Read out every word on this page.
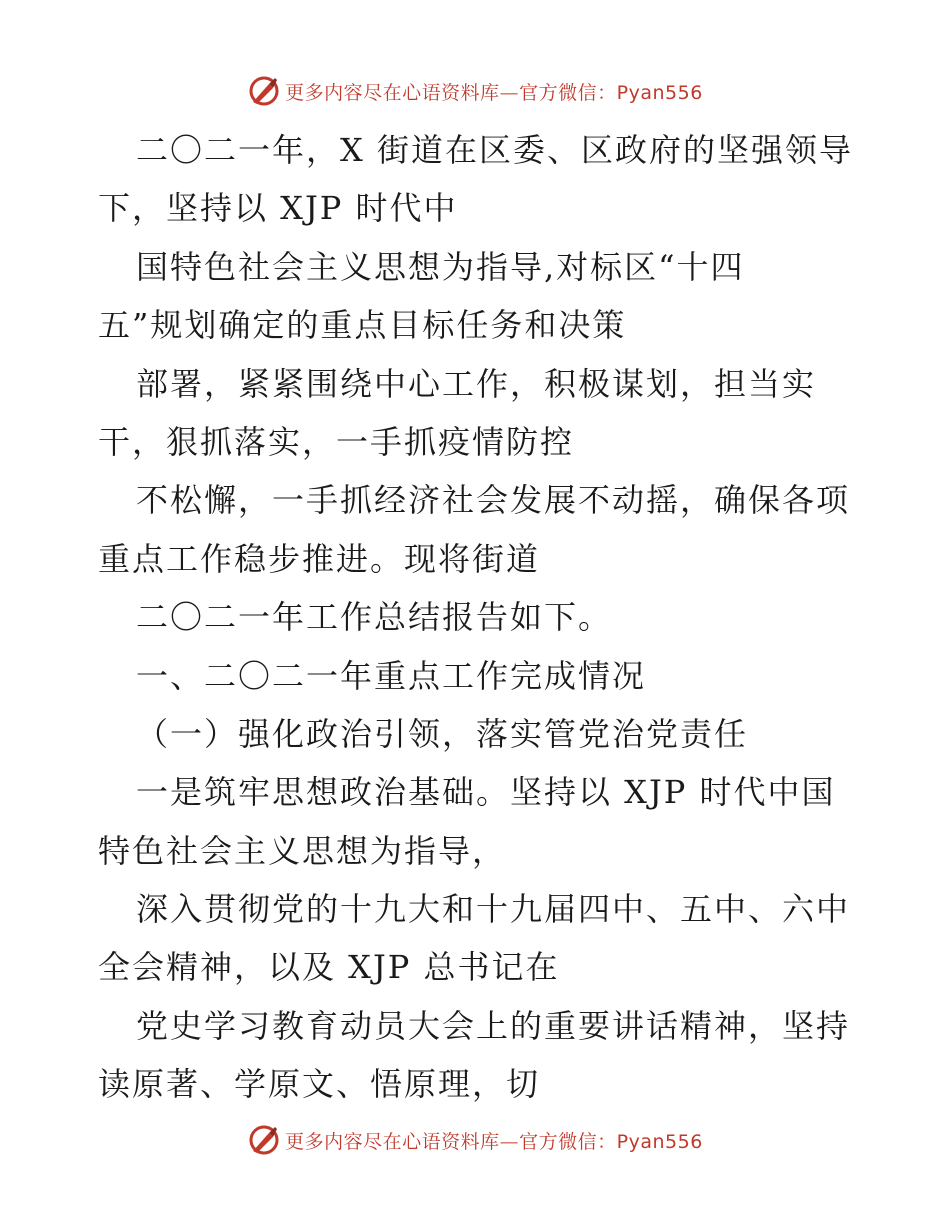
更多内容尽在心语资料库—官方微信：Pyan556
二〇二一年，X 街道在区委、区政府的坚强领导
下，坚持以 XJP 时代中
国特色社会主义思想为指导,对标区“十四
五”规划确定的重点目标任务和决策
部署，紧紧围绕中心工作，积极谋划，担当实
干，狠抓落实，一手抓疫情防控
不松懈，一手抓经济社会发展不动摇，确保各项
重点工作稳步推进。现将街道
二〇二一年工作总结报告如下。
一、二〇二一年重点工作完成情况
（一）强化政治引领，落实管党治党责任
一是筑牢思想政治基础。坚持以 XJP 时代中国
特色社会主义思想为指导，
深入贯彻党的十九大和十九届四中、五中、六中
全会精神，以及 XJP 总书记在
党史学习教育动员大会上的重要讲话精神，坚持
读原著、学原文、悟原理，切
更多内容尽在心语资料库—官方微信：Pyan556
